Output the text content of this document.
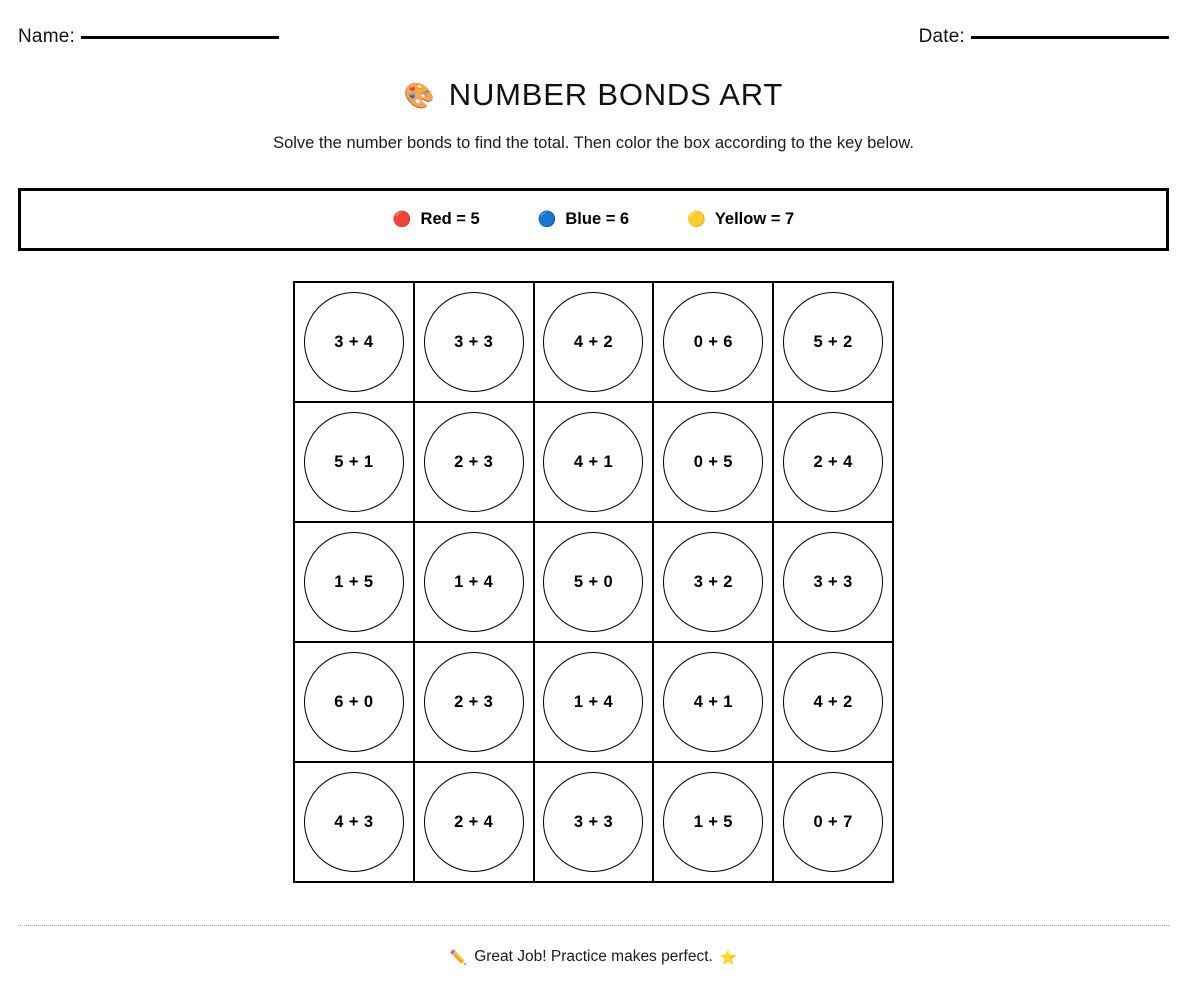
Name:	Date:
🎨 NUMBER BONDS ART
Solve the number bonds to find the total. Then color the box according to the key below.
🔴 Red = 5	🔵 Blue = 6	🟡 Yellow = 7
3 + 4	3 + 3	4 + 2	0 + 6	5 + 2
5 + 1	2 + 3	4 + 1	0 + 5	2 + 4
1 + 5	1 + 4	5 + 0	3 + 2	3 + 3
6 + 0	2 + 3	1 + 4	4 + 1	4 + 2
4 + 3	2 + 4	3 + 3	1 + 5	0 + 7
✏️ Great Job! Practice makes perfect. ⭐
